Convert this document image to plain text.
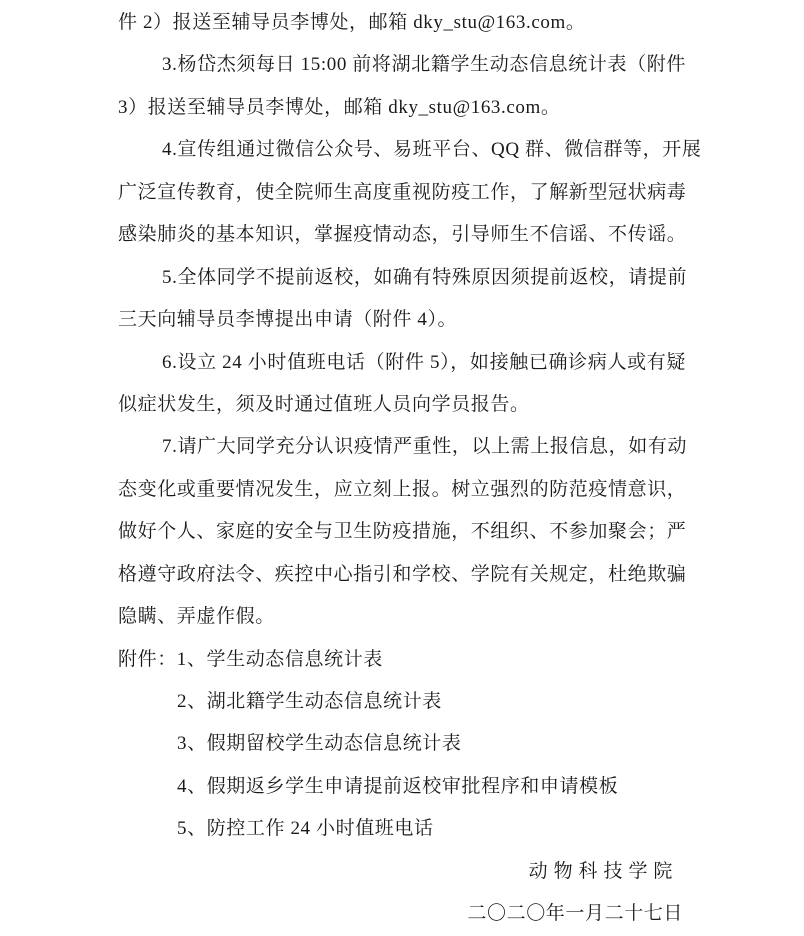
件 2）报送至辅导员李博处，邮箱 dky_stu@163.com。
3.杨岱杰须每日 15:00 前将湖北籍学生动态信息统计表（附件
3）报送至辅导员李博处，邮箱 dky_stu@163.com。
4.宣传组通过微信公众号、易班平台、QQ 群、微信群等，开展
广泛宣传教育，使全院师生高度重视防疫工作，了解新型冠状病毒
感染肺炎的基本知识，掌握疫情动态，引导师生不信谣、不传谣。
5.全体同学不提前返校，如确有特殊原因须提前返校，请提前
三天向辅导员李博提出申请（附件 4）。
6.设立 24 小时值班电话（附件 5），如接触已确诊病人或有疑
似症状发生，须及时通过值班人员向学员报告。
7.请广大同学充分认识疫情严重性，以上需上报信息，如有动
态变化或重要情况发生，应立刻上报。树立强烈的防范疫情意识，
做好个人、家庭的安全与卫生防疫措施，不组织、不参加聚会；严
格遵守政府法令、疾控中心指引和学校、学院有关规定，杜绝欺骗
隐瞒、弄虚作假。
附件：1、学生动态信息统计表
2、湖北籍学生动态信息统计表
3、假期留校学生动态信息统计表
4、假期返乡学生申请提前返校审批程序和申请模板
5、防控工作 24 小时值班电话
动 物 科 技 学 院
二〇二〇年一月二十七日
